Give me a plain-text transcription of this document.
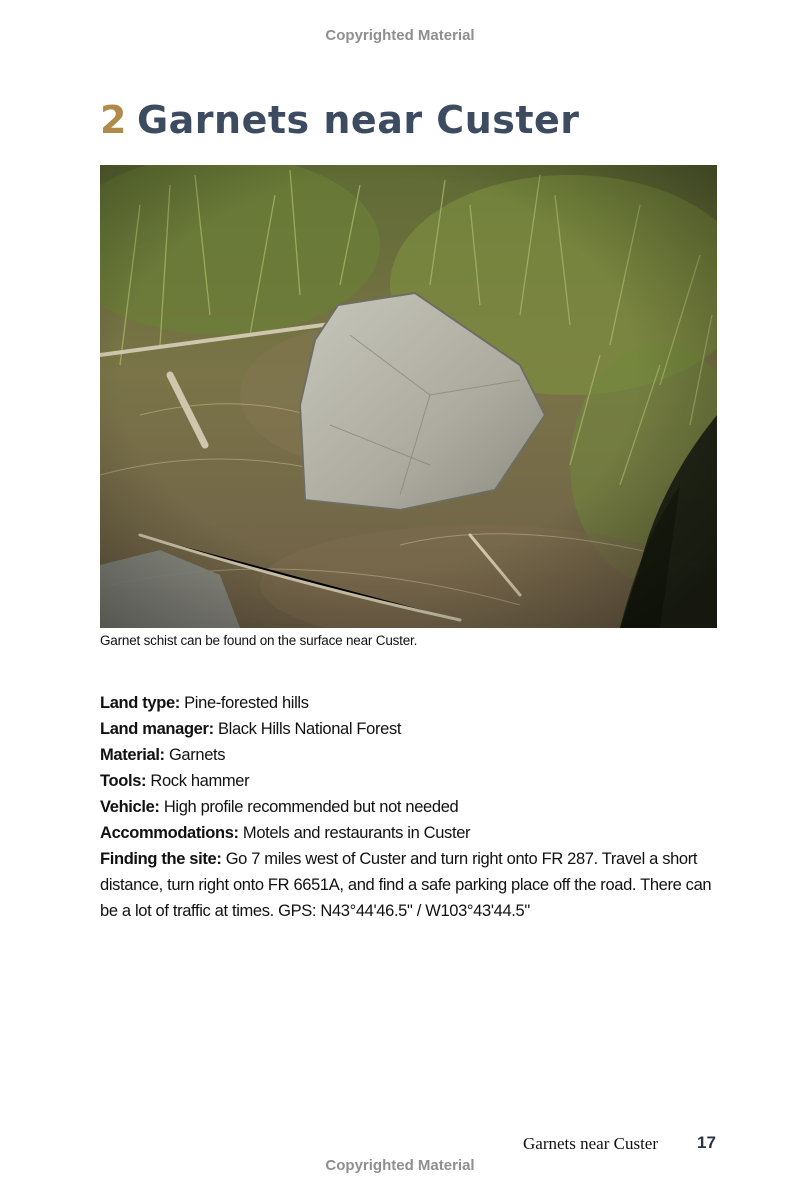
Copyrighted Material
2 Garnets near Custer
Garnet schist can be found on the surface near Custer.
Land type: Pine-forested hills
Land manager: Black Hills National Forest
Material: Garnets
Tools: Rock hammer
Vehicle: High profile recommended but not needed
Accommodations: Motels and restaurants in Custer
Finding the site: Go 7 miles west of Custer and turn right onto FR 287. Travel a short distance, turn right onto FR 6651A, and find a safe parking place off the road. There can be a lot of traffic at times. GPS: N43°44'46.5" / W103°43'44.5"
Garnets near Custer 17
Copyrighted Material
